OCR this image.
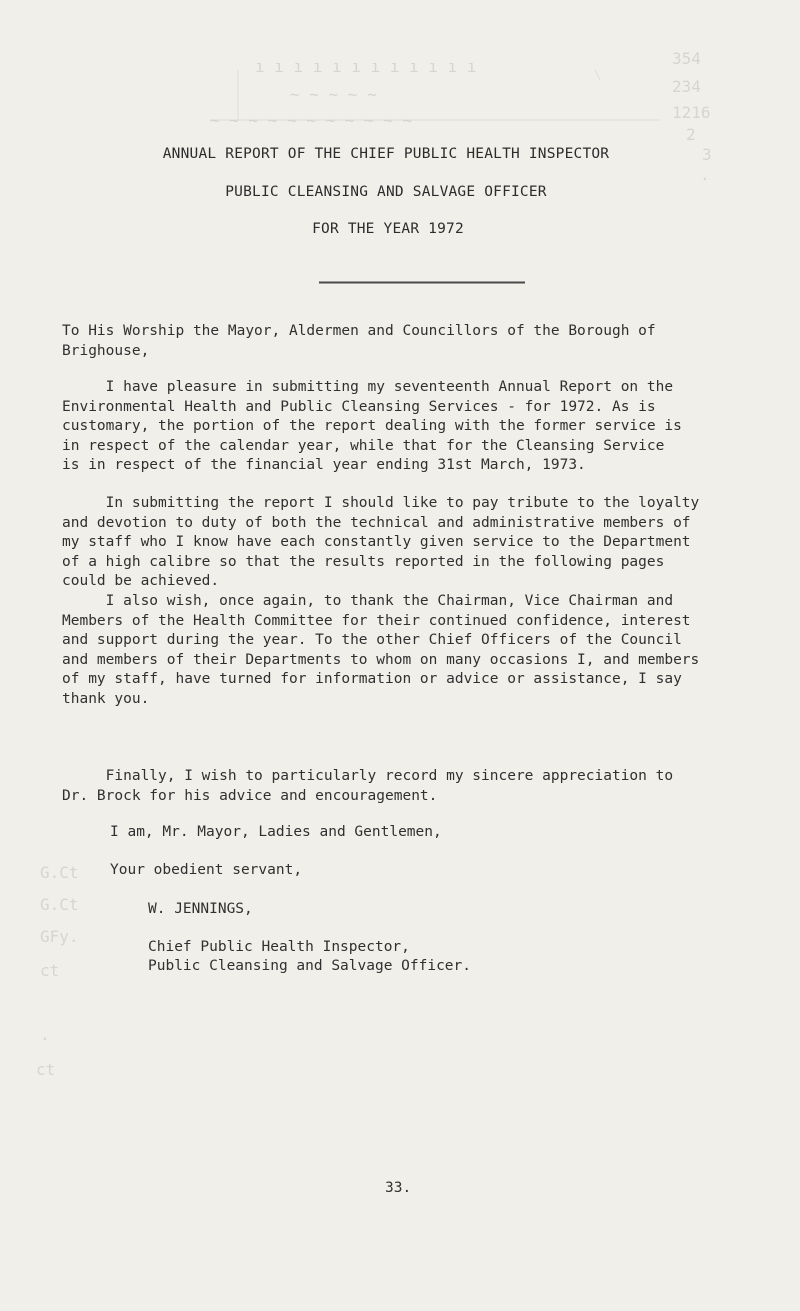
ı ı ı ı ı ı ı ı ı ı ı ı
~ ~ ~ ~ ~
~ ~ ~ ~ ~ ~ ~ ~ ~ ~ ~
354
234
1216
2
3
.
G.Ct
G.Ct
GFy.
ct
.
ct
ANNUAL REPORT OF THE CHIEF PUBLIC HEALTH INSPECTOR
PUBLIC CLEANSING AND SALVAGE OFFICER
FOR THE YEAR 1972
To His Worship the Mayor, Aldermen and Councillors of the Borough of
Brighouse,
I have pleasure in submitting my seventeenth Annual Report on the
Environmental Health and Public Cleansing Services - for 1972. As is
customary, the portion of the report dealing with the former service is
in respect of the calendar year, while that for the Cleansing Service
is in respect of the financial year ending 31st March, 1973.
In submitting the report I should like to pay tribute to the loyalty
and devotion to duty of both the technical and administrative members of
my staff who I know have each constantly given service to the Department
of a high calibre so that the results reported in the following pages
could be achieved.
I also wish, once again, to thank the Chairman, Vice Chairman and
Members of the Health Committee for their continued confidence, interest
and support during the year. To the other Chief Officers of the Council
and members of their Departments to whom on many occasions I, and members
of my staff, have turned for information or advice or assistance, I say
thank you.
Finally, I wish to particularly record my sincere appreciation to
Dr. Brock for his advice and encouragement.
I am, Mr. Mayor, Ladies and Gentlemen,
Your obedient servant,
W. JENNINGS,
Chief Public Health Inspector,
Public Cleansing and Salvage Officer.
33.
